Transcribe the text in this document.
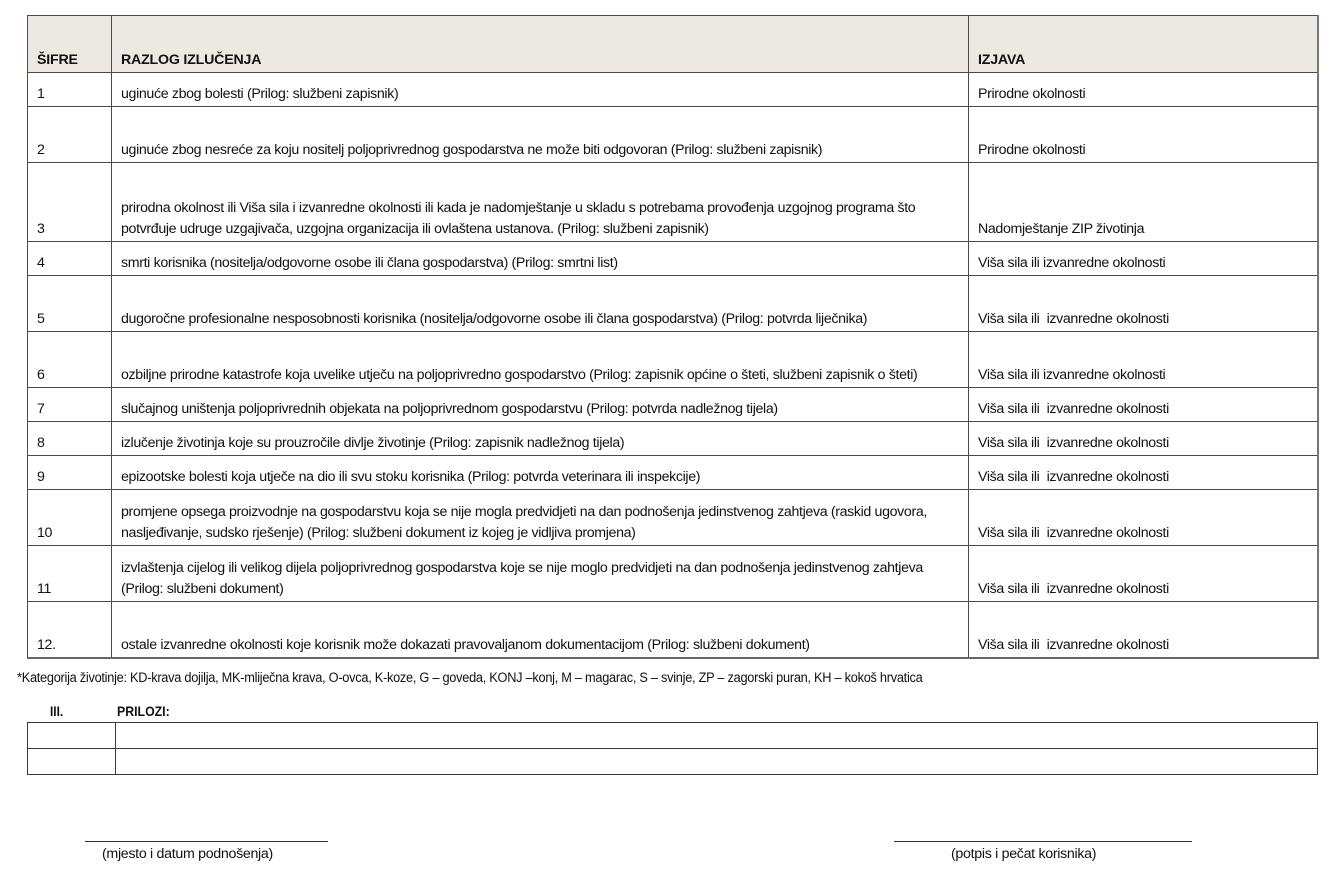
ŠIFRE	RAZLOG IZLUČENJA	IZJAVA
1	uginuće zbog bolesti (Prilog: službeni zapisnik)	Prirodne okolnosti
2	uginuće zbog nesreće za koju nositelj poljoprivrednog gospodarstva ne može biti odgovoran (Prilog: službeni zapisnik)	Prirodne okolnosti
3	prirodna okolnost ili Viša sila i izvanredne okolnosti ili kada je nadomještanje u skladu s potrebama provođenja uzgojnog programa što potvrđuje udruge uzgajivača, uzgojna organizacija ili ovlaštena ustanova. (Prilog: službeni zapisnik)	Nadomještanje ZIP životinja
4	smrti korisnika (nositelja/odgovorne osobe ili člana gospodarstva) (Prilog: smrtni list)	Viša sila ili izvanredne okolnosti
5	dugoročne profesionalne nesposobnosti korisnika (nositelja/odgovorne osobe ili člana gospodarstva) (Prilog: potvrda liječnika)	Viša sila ili  izvanredne okolnosti
6	ozbiljne prirodne katastrofe koja uvelike utječu na poljoprivredno gospodarstvo (Prilog: zapisnik općine o šteti, službeni zapisnik o šteti)	Viša sila ili izvanredne okolnosti
7	slučajnog uništenja poljoprivrednih objekata na poljoprivrednom gospodarstvu (Prilog: potvrda nadležnog tijela)	Viša sila ili  izvanredne okolnosti
8	izlučenje životinja koje su prouzročile divlje životinje (Prilog: zapisnik nadležnog tijela)	Viša sila ili  izvanredne okolnosti
9	epizootske bolesti koja utječe na dio ili svu stoku korisnika (Prilog: potvrda veterinara ili inspekcije)	Viša sila ili  izvanredne okolnosti
10	promjene opsega proizvodnje na gospodarstvu koja se nije mogla predvidjeti na dan podnošenja jedinstvenog zahtjeva (raskid ugovora, nasljeđivanje, sudsko rješenje) (Prilog: službeni dokument iz kojeg je vidljiva promjena)	Viša sila ili  izvanredne okolnosti
11	izvlaštenja cijelog ili velikog dijela poljoprivrednog gospodarstva koje se nije moglo predvidjeti na dan podnošenja jedinstvenog zahtjeva (Prilog: službeni dokument)	Viša sila ili  izvanredne okolnosti
12.	ostale izvanredne okolnosti koje korisnik može dokazati pravovaljanom dokumentacijom (Prilog: službeni dokument)	Viša sila ili  izvanredne okolnosti
*Kategorija životinje: KD-krava dojilja, MK-mliječna krava, O-ovca, K-koze, G – goveda, KONJ –konj, M – magarac, S – svinje, ZP – zagorski puran, KH – kokoš hrvatica
III.	PRILOZI:

(mjesto i datum podnošenja)	(potpis i pečat korisnika)
